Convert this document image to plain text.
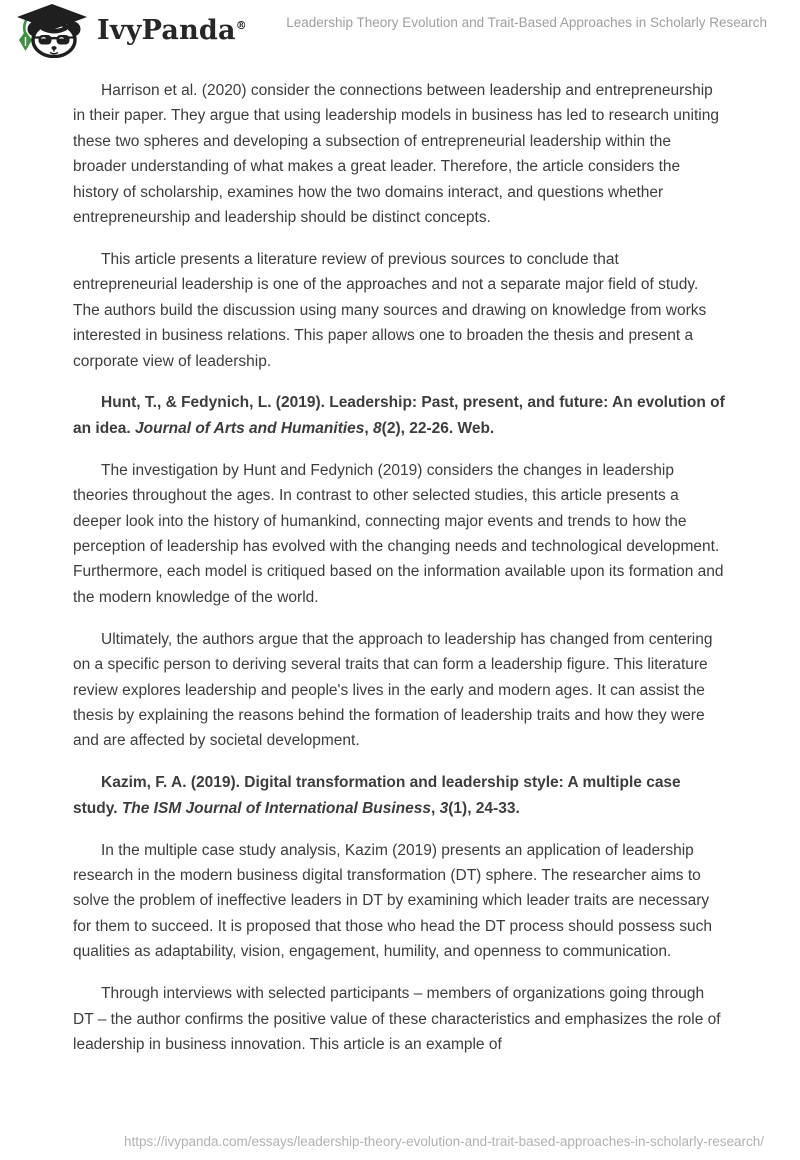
IvyPanda®	Leadership Theory Evolution and Trait-Based Approaches in Scholarly Research

Harrison et al. (2020) consider the connections between leadership and entrepreneurship in their paper. They argue that using leadership models in business has led to research uniting these two spheres and developing a subsection of entrepreneurial leadership within the broader understanding of what makes a great leader. Therefore, the article considers the history of scholarship, examines how the two domains interact, and questions whether entrepreneurship and leadership should be distinct concepts.

This article presents a literature review of previous sources to conclude that entrepreneurial leadership is one of the approaches and not a separate major field of study. The authors build the discussion using many sources and drawing on knowledge from works interested in business relations. This paper allows one to broaden the thesis and present a corporate view of leadership.

Hunt, T., & Fedynich, L. (2019). Leadership: Past, present, and future: An evolution of an idea. Journal of Arts and Humanities, 8(2), 22-26. Web.

The investigation by Hunt and Fedynich (2019) considers the changes in leadership theories throughout the ages. In contrast to other selected studies, this article presents a deeper look into the history of humankind, connecting major events and trends to how the perception of leadership has evolved with the changing needs and technological development. Furthermore, each model is critiqued based on the information available upon its formation and the modern knowledge of the world.

Ultimately, the authors argue that the approach to leadership has changed from centering on a specific person to deriving several traits that can form a leadership figure. This literature review explores leadership and people's lives in the early and modern ages. It can assist the thesis by explaining the reasons behind the formation of leadership traits and how they were and are affected by societal development.

Kazim, F. A. (2019). Digital transformation and leadership style: A multiple case study. The ISM Journal of International Business, 3(1), 24-33.

In the multiple case study analysis, Kazim (2019) presents an application of leadership research in the modern business digital transformation (DT) sphere. The researcher aims to solve the problem of ineffective leaders in DT by examining which leader traits are necessary for them to succeed. It is proposed that those who head the DT process should possess such qualities as adaptability, vision, engagement, humility, and openness to communication.

Through interviews with selected participants – members of organizations going through DT – the author confirms the positive value of these characteristics and emphasizes the role of leadership in business innovation. This article is an example of

https://ivypanda.com/essays/leadership-theory-evolution-and-trait-based-approaches-in-scholarly-research/
